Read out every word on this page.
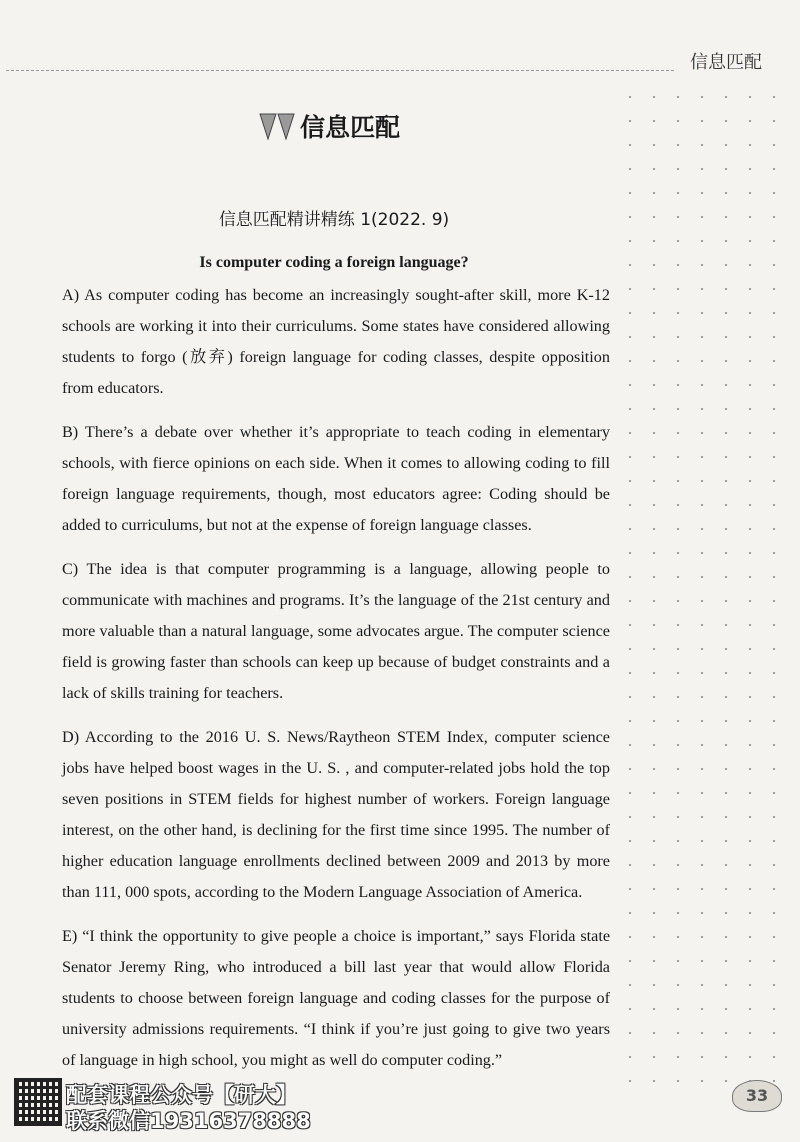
信息匹配
信息匹配
信息匹配精讲精练 1(2022. 9)
Is computer coding a foreign language?

A) As computer coding has become an increasingly sought-after skill, more K-12 schools are working it into their curriculums. Some states have considered allowing students to forgo (放弃) foreign language for coding classes, despite opposition from educators.

B) There’s a debate over whether it’s appropriate to teach coding in elementary schools, with fierce opinions on each side. When it comes to allowing coding to fill foreign language requirements, though, most educators agree: Coding should be added to curriculums, but not at the expense of foreign language classes.

C) The idea is that computer programming is a language, allowing people to communicate with machines and programs. It’s the language of the 21st century and more valuable than a natural language, some advocates argue. The computer science field is growing faster than schools can keep up because of budget constraints and a lack of skills training for teachers.

D) According to the 2016 U. S. News/Raytheon STEM Index, computer science jobs have helped boost wages in the U. S. , and computer-related jobs hold the top seven positions in STEM fields for highest number of workers. Foreign language interest, on the other hand, is declining for the first time since 1995. The number of higher education language enrollments declined between 2009 and 2013 by more than 111, 000 spots, according to the Modern Language Association of America.

E) “I think the opportunity to give people a choice is important,” says Florida state Senator Jeremy Ring, who introduced a bill last year that would allow Florida students to choose between foreign language and coding classes for the purpose of university admissions requirements. “I think if you’re just going to give two years of language in high school, you might as well do computer coding.”

配套课程公众号【研大】
联系微信19316378888
33
